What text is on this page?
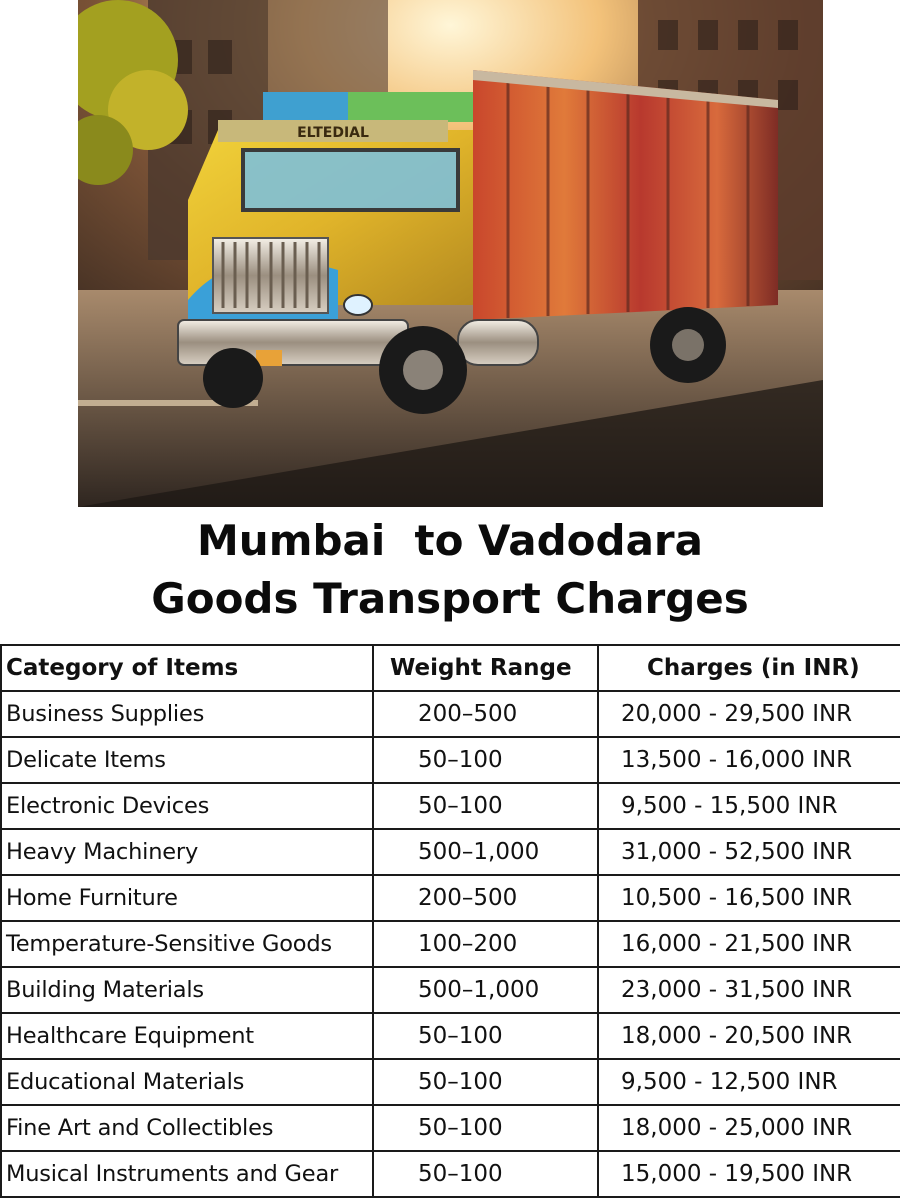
ELTEDIAL
Mumbai  to Vadodara
Goods Transport Charges
Category of Items	Weight Range	Charges (in INR)
Business Supplies	200–500	20,000 - 29,500 INR
Delicate Items	50–100	13,500 - 16,000 INR
Electronic Devices	50–100	9,500 - 15,500 INR
Heavy Machinery	500–1,000	31,000 - 52,500 INR
Home Furniture	200–500	10,500 - 16,500 INR
Temperature-Sensitive Goods	100–200	16,000 - 21,500 INR
Building Materials	500–1,000	23,000 - 31,500 INR
Healthcare Equipment	50–100	18,000 - 20,500 INR
Educational Materials	50–100	9,500 - 12,500 INR
Fine Art and Collectibles	50–100	18,000 - 25,000 INR
Musical Instruments and Gear	50–100	15,000 - 19,500 INR
